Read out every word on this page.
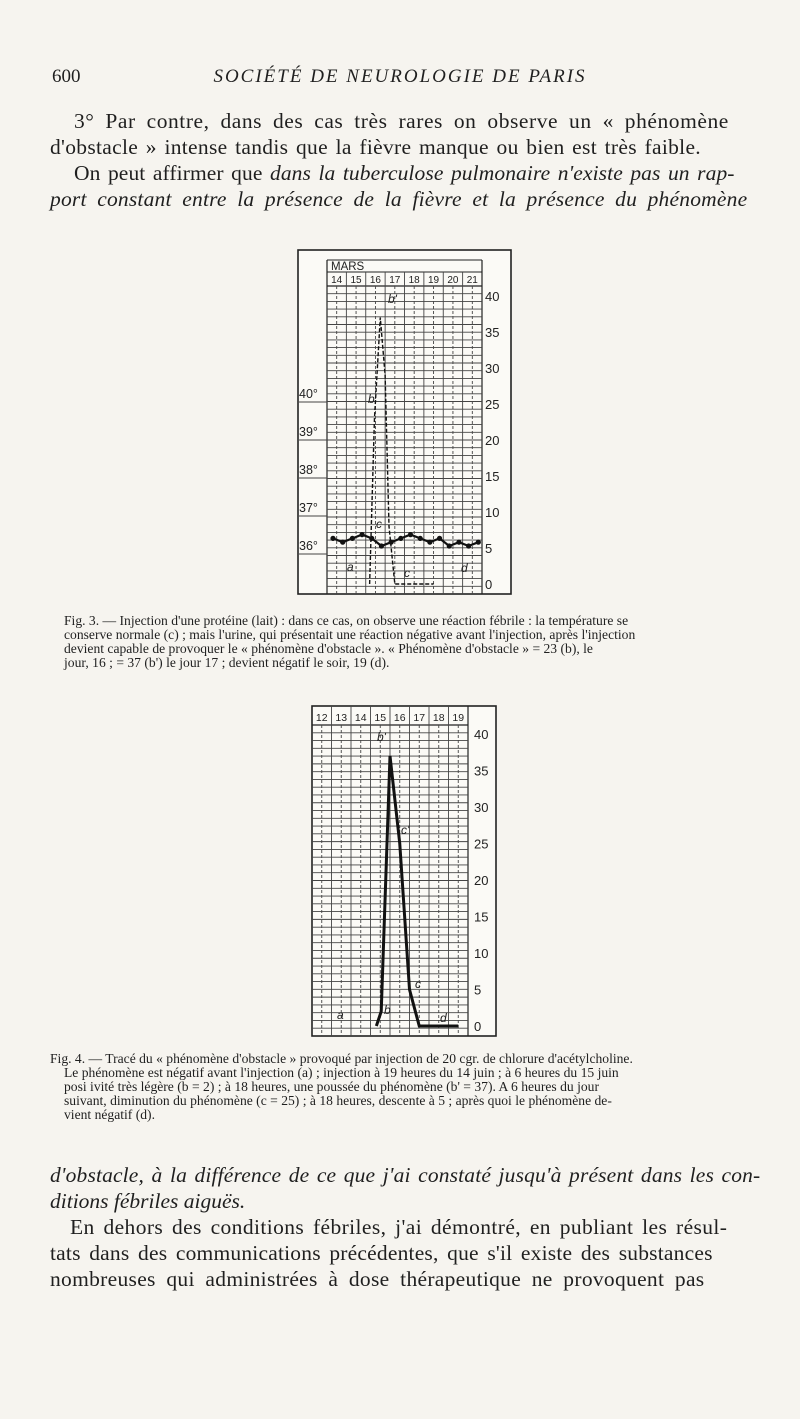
600	SOCIÉTÉ DE NEUROLOGIE DE PARIS
3° Par contre, dans des cas très rares on observe un « phénomène
d'obstacle » intense tandis que la fièvre manque ou bien est très faible.
On peut affirmer que dans la tuberculose pulmonaire n'existe pas un rap-
port constant entre la présence de la fièvre et la présence du phénomène
MARS
14 15 16 17 18 19 20 21
40
35
30
25
20
15
10
5
0
40°
39°
38°
37°
36°
a
b
b'
c
c	d
Fig. 3. — Injection d'une protéine (lait) : dans ce cas, on observe une réaction fébrile : la température se
conserve normale (c) ; mais l'urine, qui présentait une réaction négative avant l'injection, après l'injection
devient capable de provoquer le « phénomène d'obstacle ». « Phénomène d'obstacle » = 23 (b), le
jour, 16 ; = 37 (b') le jour 17 ; devient négatif le soir, 19 (d).
12 13 14 15 16 17 18 19
40
35
30
25
20
15
10
5
0
a	b
b'
c'
c
d
Fig. 4. — Tracé du « phénomène d'obstacle » provoqué par injection de 20 cgr. de chlorure d'acétylcholine.
Le phénomène est négatif avant l'injection (a) ; injection à 19 heures du 14 juin ; à 6 heures du 15 juin
posi ivité très légère (b = 2) ; à 18 heures, une poussée du phénomène (b' = 37). A 6 heures du jour
suivant, diminution du phénomène (c = 25) ; à 18 heures, descente à 5 ; après quoi le phénomène de-
vient négatif (d).
d'obstacle, à la différence de ce que j'ai constaté jusqu'à présent dans les con-
ditions fébriles aiguës.
En dehors des conditions fébriles, j'ai démontré, en publiant les résul-
tats dans des communications précédentes, que s'il existe des substances
nombreuses qui administrées à dose thérapeutique ne provoquent pas
